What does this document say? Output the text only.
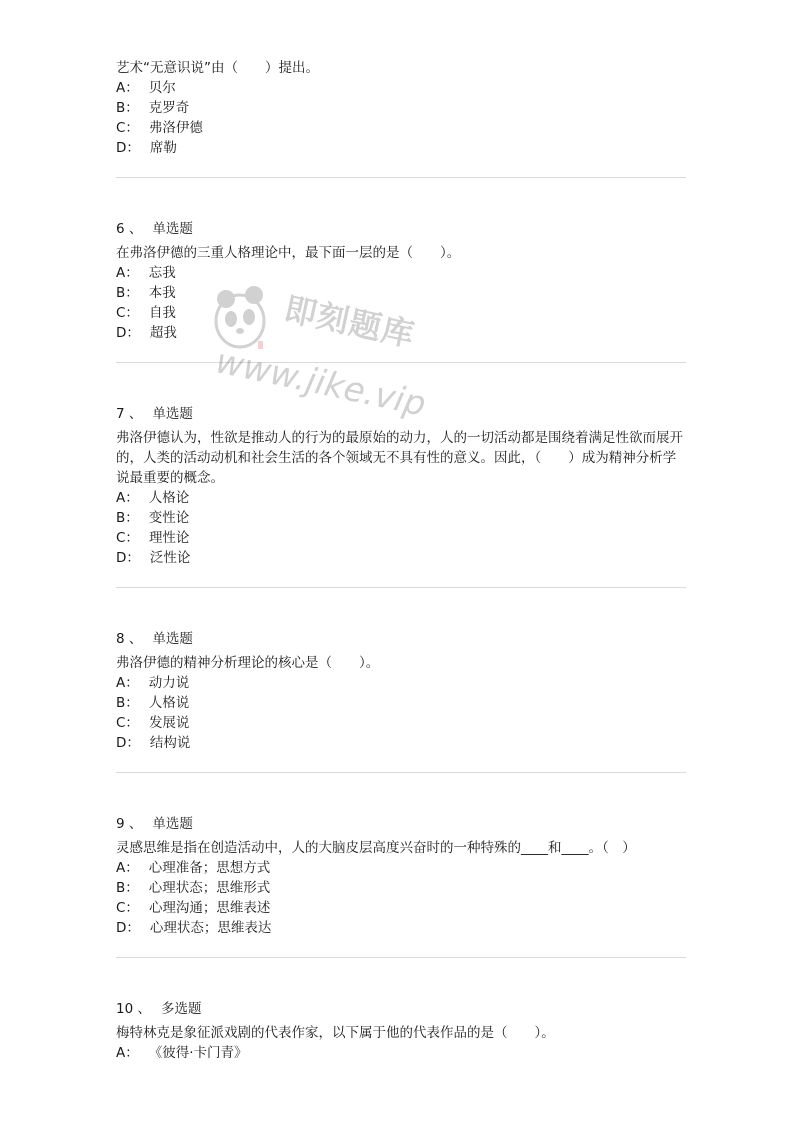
艺术“无意识说”由（　　）提出。
A： 贝尔
B： 克罗奇
C： 弗洛伊德
D： 席勒
6 、 单选题
在弗洛伊德的三重人格理论中，最下面一层的是（　　）。
A： 忘我
B： 本我
C： 自我
D： 超我
7 、 单选题
弗洛伊德认为，性欲是推动人的行为的最原始的动力，人的一切活动都是围绕着满足性欲而展开的，人类的活动动机和社会生活的各个领域无不具有性的意义。因此，（　　）成为精神分析学说最重要的概念。
A： 人格论
B： 变性论
C： 理性论
D： 泛性论
8 、 单选题
弗洛伊德的精神分析理论的核心是（　　）。
A： 动力说
B： 人格说
C： 发展说
D： 结构说
9 、 单选题
灵感思维是指在创造活动中，人的大脑皮层高度兴奋时的一种特殊的____和____。（　）
A： 心理准备；思想方式
B： 心理状态；思维形式
C： 心理沟通；思维表述
D： 心理状态；思维表达
10 、 多选题
梅特林克是象征派戏剧的代表作家，以下属于他的代表作品的是（　　）。
A： 《彼得·卡门青》
即刻题库
www.jike.vip
